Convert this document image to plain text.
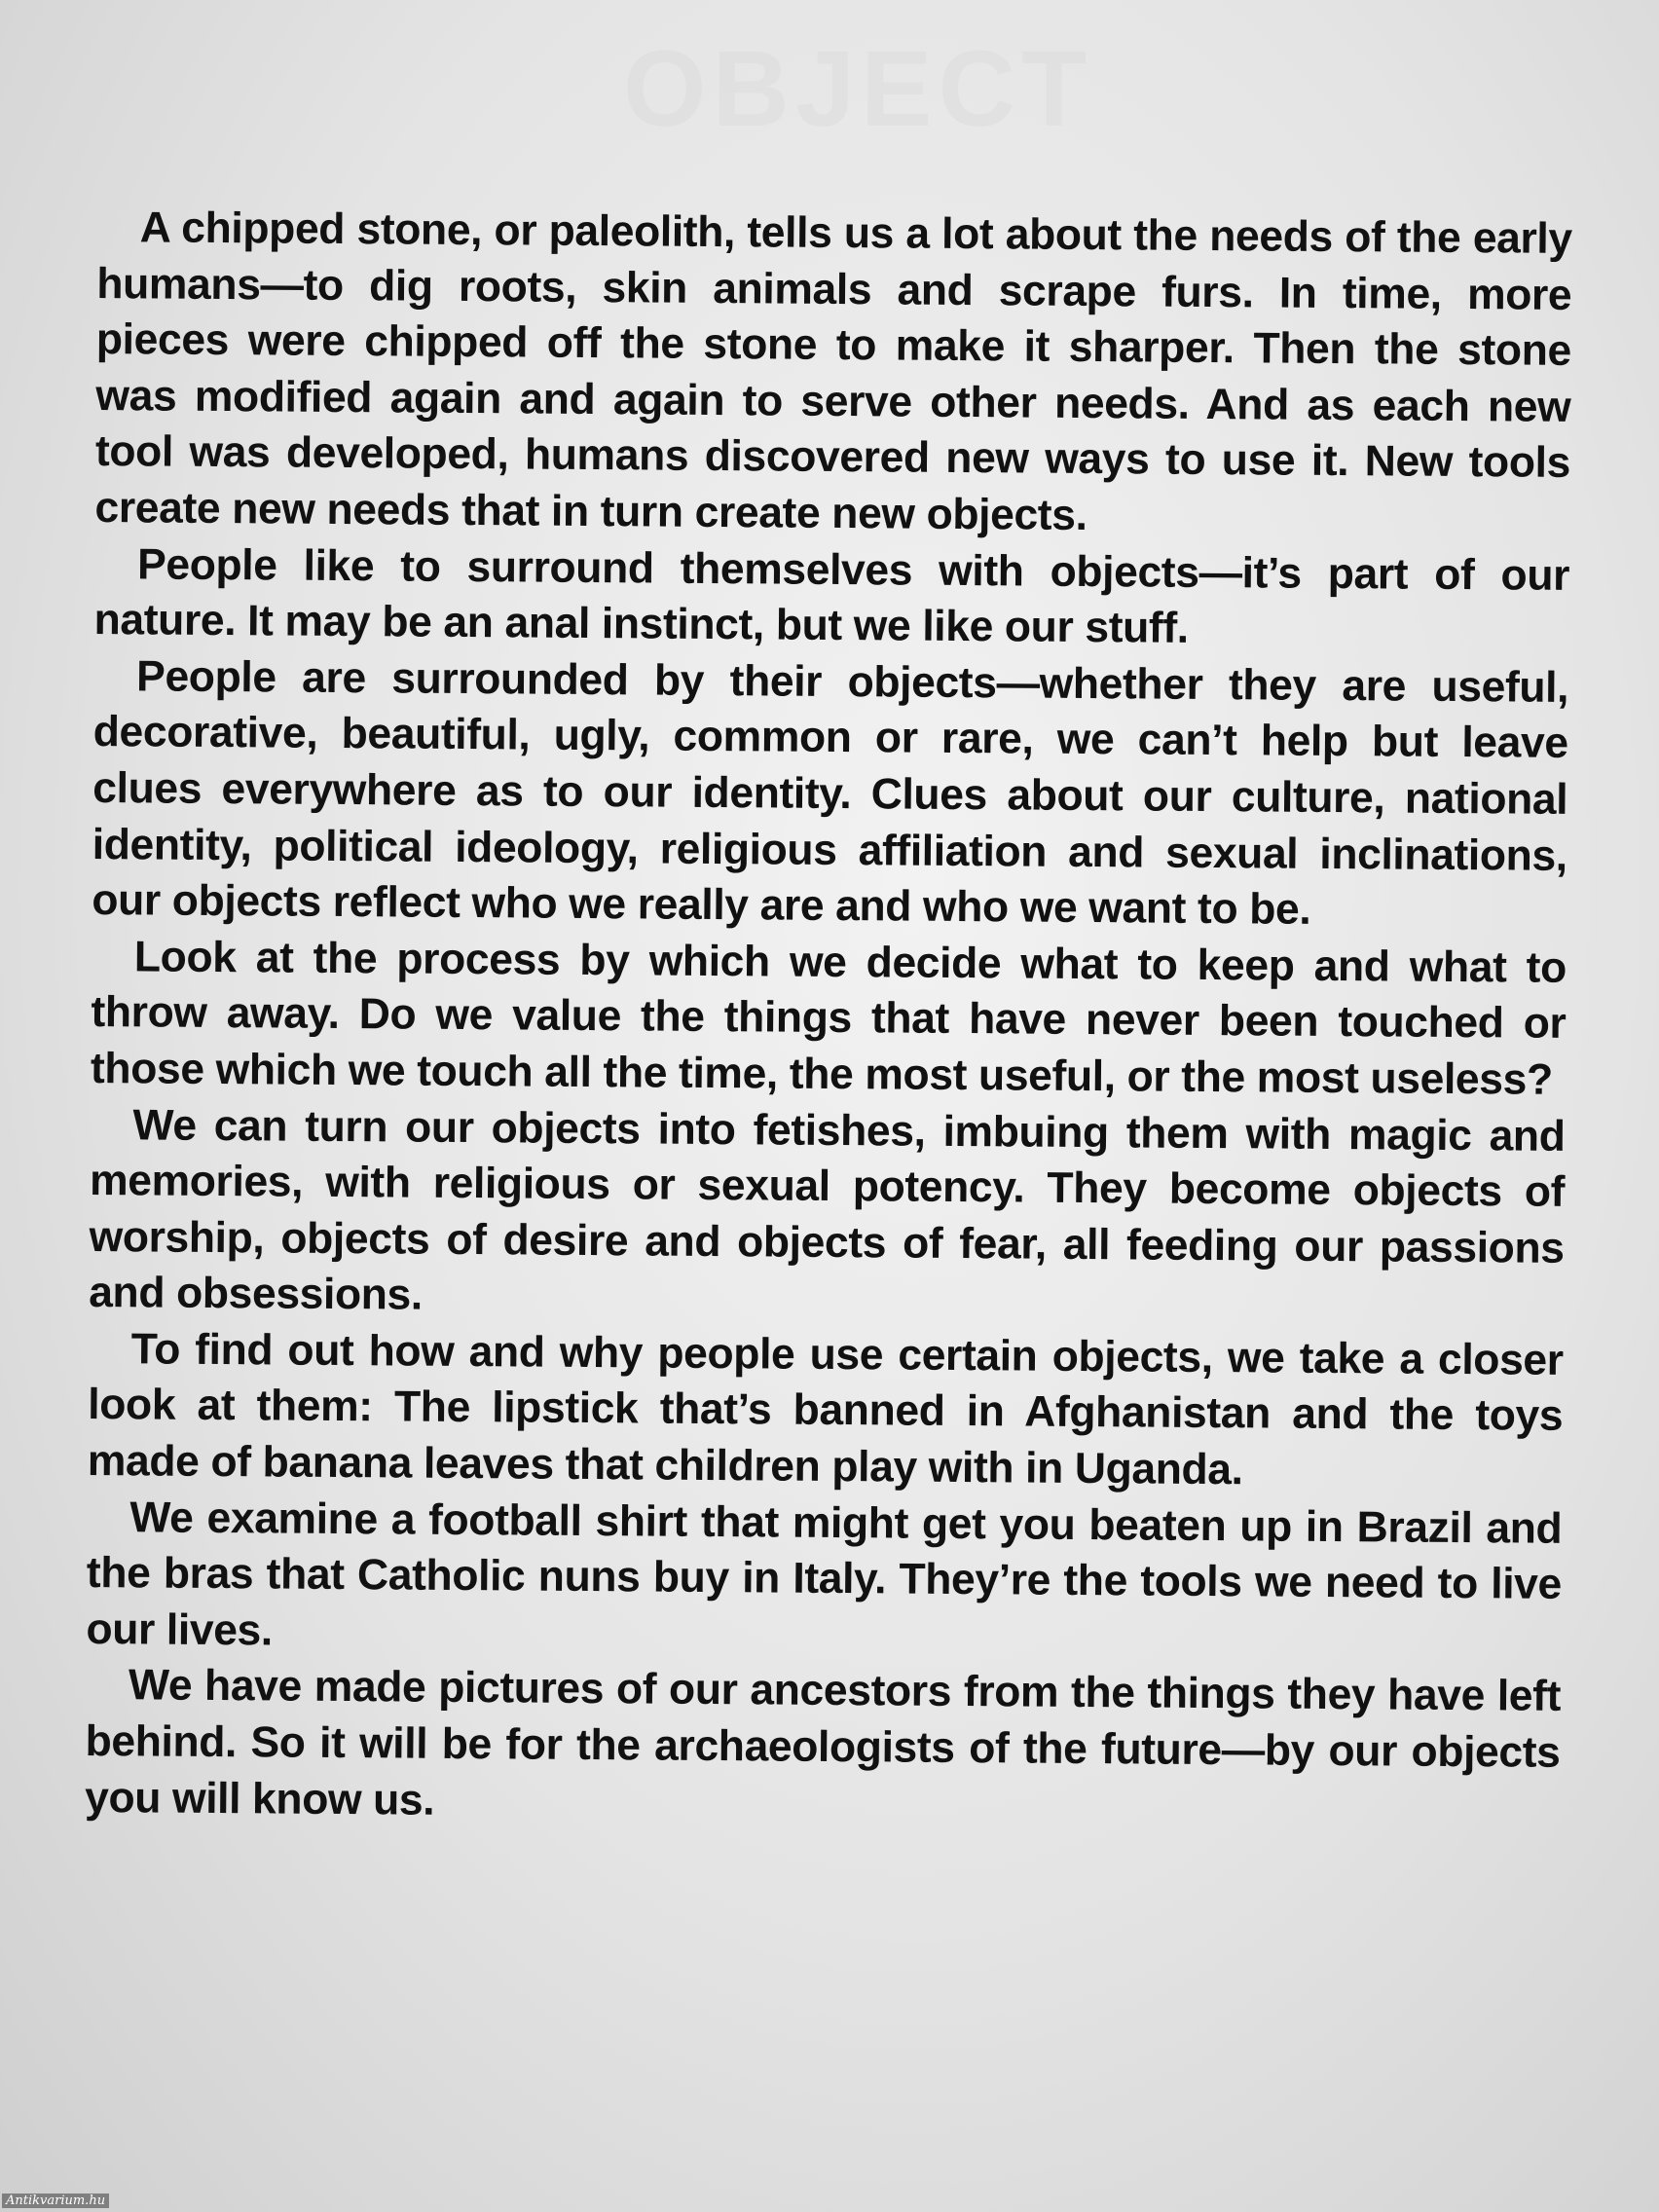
OBJECT

A chipped stone, or paleolith, tells us a lot about the needs of the early humans—to dig roots, skin animals and scrape furs. In time, more pieces were chipped off the stone to make it sharper. Then the stone was modified again and again to serve other needs. And as each new tool was developed, humans discovered new ways to use it. New tools create new needs that in turn create new objects.

People like to surround themselves with objects—it’s part of our nature. It may be an anal instinct, but we like our stuff.

People are surrounded by their objects—whether they are useful, decorative, beautiful, ugly, common or rare, we can’t help but leave clues everywhere as to our identity. Clues about our culture, national identity, political ideology, religious affiliation and sexual inclinations, our objects reflect who we really are and who we want to be.

Look at the process by which we decide what to keep and what to throw away. Do we value the things that have never been touched or those which we touch all the time, the most useful, or the most useless?

We can turn our objects into fetishes, imbuing them with magic and memories, with religious or sexual potency. They become objects of worship, objects of desire and objects of fear, all feeding our passions and obsessions.

To find out how and why people use certain objects, we take a closer look at them: The lipstick that’s banned in Afghanistan and the toys made of banana leaves that children play with in Uganda.

We examine a football shirt that might get you beaten up in Brazil and the bras that Catholic nuns buy in Italy. They’re the tools we need to live our lives.

We have made pictures of our ancestors from the things they have left behind. So it will be for the archaeologists of the future—by our objects you will know us.

Antikvarium.hu
